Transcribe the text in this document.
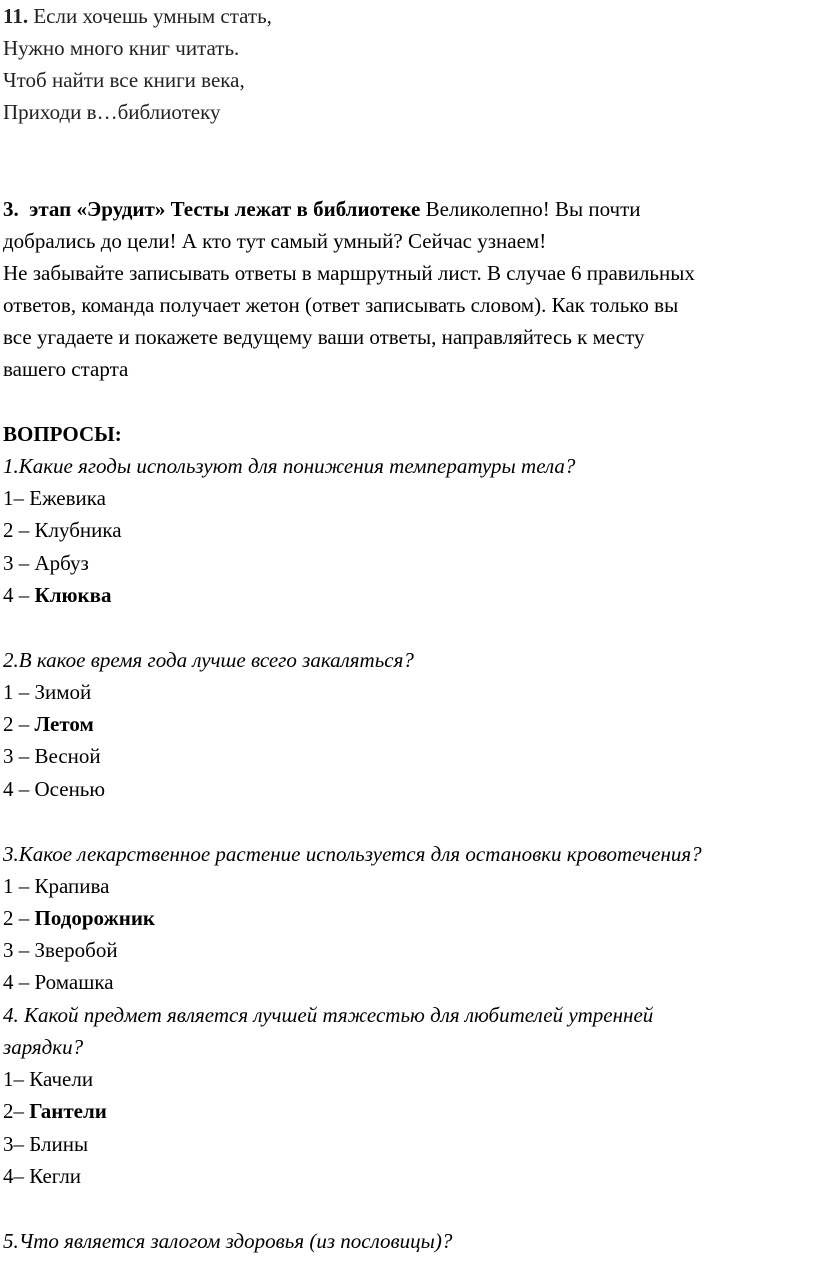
11. Если хочешь умным стать,
Нужно много книг читать.
Чтоб найти все книги века,
Приходи в…библиотеку
3. этап «Эрудит» Тесты лежат в библиотеке Великолепно! Вы почти
добрались до цели! А кто тут самый умный? Сейчас узнаем!
Не забывайте записывать ответы в маршрутный лист. В случае 6 правильных
ответов, команда получает жетон (ответ записывать словом). Как только вы
все угадаете и покажете ведущему ваши ответы, направляйтесь к месту
вашего старта
ВОПРОСЫ:
1.Какие ягоды используют для понижения температуры тела?
1– Ежевика
2 – Клубника
3 – Арбуз
4 – Клюква
2.В какое время года лучше всего закаляться?
1 – Зимой
2 – Летом
3 – Весной
4 – Осенью
3.Какое лекарственное растение используется для остановки кровотечения?
1 – Крапива
2 – Подорожник
3 – Зверобой
4 – Ромашка
4. Какой предмет является лучшей тяжестью для любителей утренней
зарядки?
1– Качели
2– Гантели
3– Блины
4– Кегли
5.Что является залогом здоровья (из пословицы)?
